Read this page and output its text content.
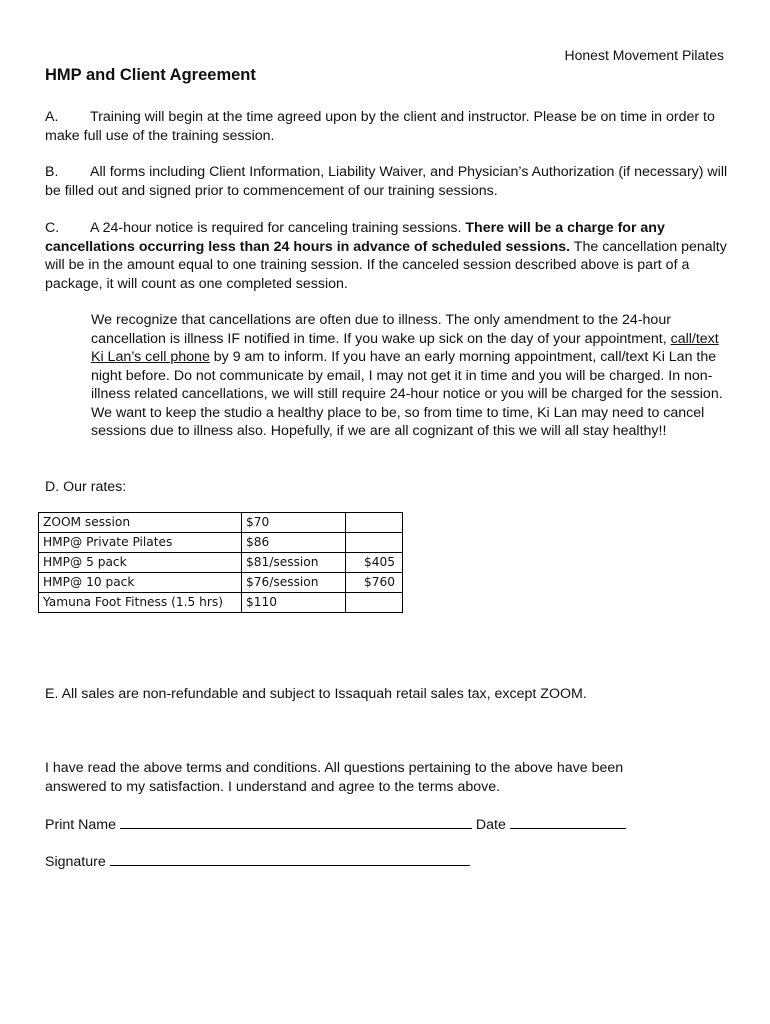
Honest Movement Pilates
HMP and Client Agreement
A. Training will begin at the time agreed upon by the client and instructor. Please be on time in order to make full use of the training session.
B. All forms including Client Information, Liability Waiver, and Physician’s Authorization (if necessary) will be filled out and signed prior to commencement of our training sessions.
C. A 24-hour notice is required for canceling training sessions. There will be a charge for any cancellations occurring less than 24 hours in advance of scheduled sessions. The cancellation penalty will be in the amount equal to one training session. If the canceled session described above is part of a package, it will count as one completed session.
We recognize that cancellations are often due to illness. The only amendment to the 24-hour cancellation is illness IF notified in time. If you wake up sick on the day of your appointment, call/text Ki Lan’s cell phone by 9 am to inform. If you have an early morning appointment, call/text Ki Lan the night before. Do not communicate by email, I may not get it in time and you will be charged. In non-illness related cancellations, we will still require 24-hour notice or you will be charged for the session. We want to keep the studio a healthy place to be, so from time to time, Ki Lan may need to cancel sessions due to illness also. Hopefully, if we are all cognizant of this we will all stay healthy!!
D. Our rates:
ZOOM session	$70	
HMP@ Private Pilates	$86	
HMP@ 5 pack	$81/session	$405
HMP@ 10 pack	$76/session	$760
Yamuna Foot Fitness (1.5 hrs)	$110	
E. All sales are non-refundable and subject to Issaquah retail sales tax, except ZOOM.
I have read the above terms and conditions. All questions pertaining to the above have been answered to my satisfaction. I understand and agree to the terms above.
Print Name	Date
Signature
